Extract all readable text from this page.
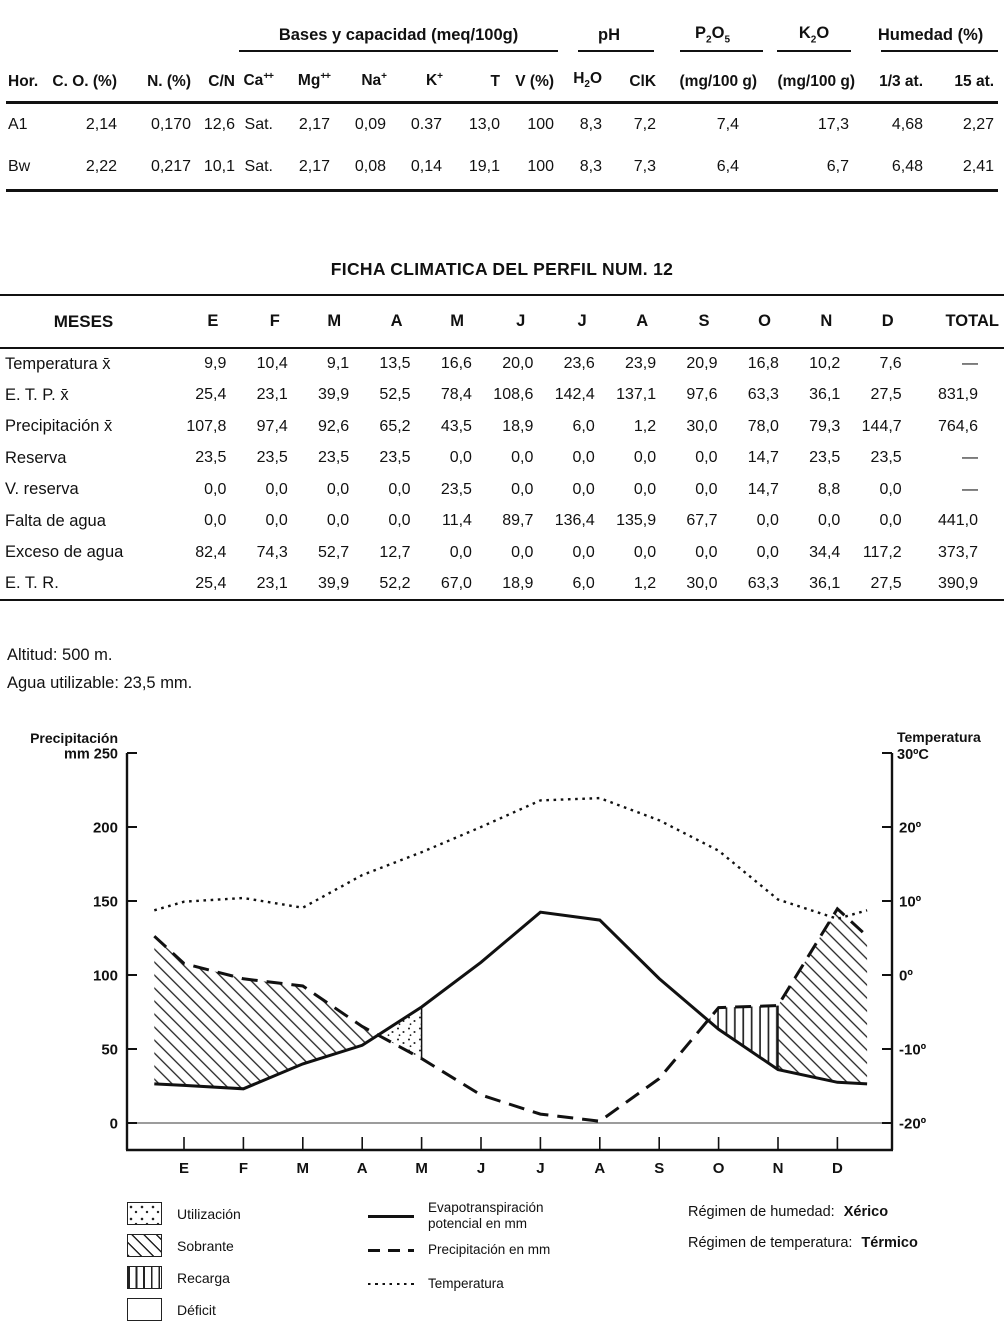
				Bases y capacidad (meq/100g)						pH		$P_2O_5$	$K_2O$	Humedad (%)	

Hor.	C. O. (%)	N. (%)	C/N	Ca++	Mg++	Na+	K+	T	V (%)	$H_2O$	ClK	(mg/100 g)	(mg/100 g)	1/3 at.	15 at.
A1	2,14	0,170	12,6	Sat.	2,17	0,09	0.37	13,0	100	8,3	7,2	7,4	17,3	4,68	2,27
Bw	2,22	0,217	10,1	Sat.	2,17	0,08	0,14	19,1	100	8,3	7,3	6,4	6,7	6,48	2,41
FICHA CLIMATICA DEL PERFIL NUM. 12
MESES	E	F	M	A	M	J	J	A	S	O	N	D	TOTAL
Temperatura x̄	9,9	10,4	9,1	13,5	16,6	20,0	23,6	23,9	20,9	16,8	10,2	7,6	—
E. T. P. x̄	25,4	23,1	39,9	52,5	78,4	108,6	142,4	137,1	97,6	63,3	36,1	27,5	831,9
Precipitación x̄	107,8	97,4	92,6	65,2	43,5	18,9	6,0	1,2	30,0	78,0	79,3	144,7	764,6
Reserva	23,5	23,5	23,5	23,5	0,0	0,0	0,0	0,0	0,0	14,7	23,5	23,5	—
V. reserva	0,0	0,0	0,0	0,0	23,5	0,0	0,0	0,0	0,0	14,7	8,8	0,0	—
Falta de agua	0,0	0,0	0,0	0,0	11,4	89,7	136,4	135,9	67,7	0,0	0,0	0,0	441,0
Exceso de agua	82,4	74,3	52,7	12,7	0,0	0,0	0,0	0,0	0,0	0,0	34,4	117,2	373,7
E. T. R.	25,4	23,1	39,9	52,2	67,0	18,9	6,0	1,2	30,0	63,3	36,1	27,5	390,9
Altitud: 500 m.
Agua utilizable: 23,5 mm.
200
150
100
50
0
Precipitación
mm 250
20º
10º
0º
-10º
-20º
Temperatura
30ºC
E	F	M	A	M	J	J	A	S	O	N	D
Utilización
Sobrante
Recarga
Déficit
Evapotranspiración
potencial en mm
Precipitación en mm
Temperatura
Régimen de humedad: Xérico
Régimen de temperatura: Térmico
